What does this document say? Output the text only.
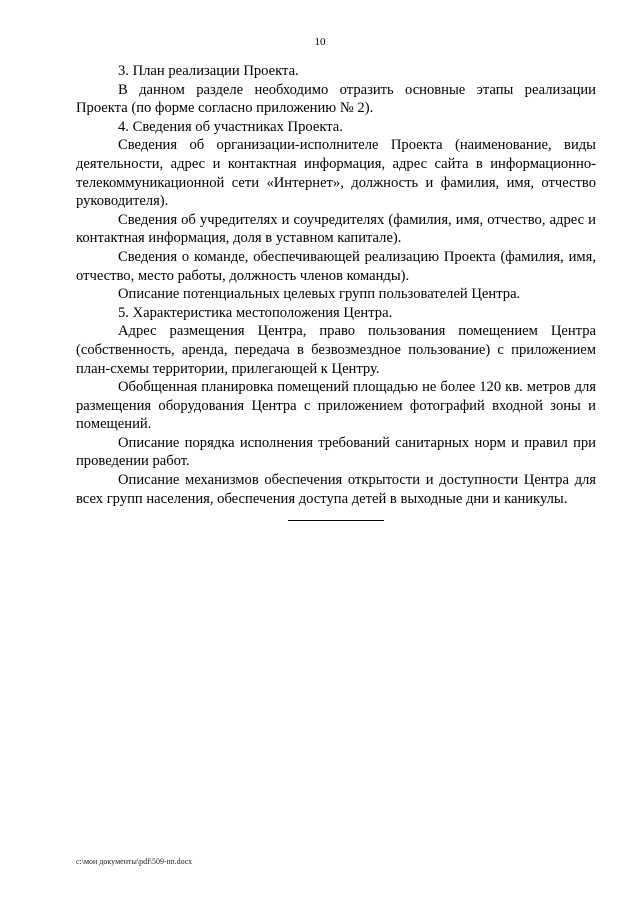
10

3. План реализации Проекта.

В данном разделе необходимо отразить основные этапы реализации Проекта (по форме согласно приложению № 2).

4. Сведения об участниках Проекта.

Сведения об организации-исполнителе Проекта (наименование, виды деятельности, адрес и контактная информация, адрес сайта в информационно-телекоммуникационной сети «Интернет», должность и фамилия, имя, отчество руководителя).

Сведения об учредителях и соучредителях (фамилия, имя, отчество, адрес и контактная информация, доля в уставном капитале).

Сведения о команде, обеспечивающей реализацию Проекта (фамилия, имя, отчество, место работы, должность членов команды).

Описание потенциальных целевых групп пользователей Центра.

5. Характеристика местоположения Центра.

Адрес размещения Центра, право пользования помещением Центра (собственность, аренда, передача в безвозмездное пользование) с приложением план-схемы территории, прилегающей к Центру.

Обобщенная планировка помещений площадью не более 120 кв. метров для размещения оборудования Центра с приложением фотографий входной зоны и помещений.

Описание порядка исполнения требований санитарных норм и правил при проведении работ.

Описание механизмов обеспечения открытости и доступности Центра для всех групп населения, обеспечения доступа детей в выходные дни и каникулы.

c:\мои документы\pdf\509-nn.docx
